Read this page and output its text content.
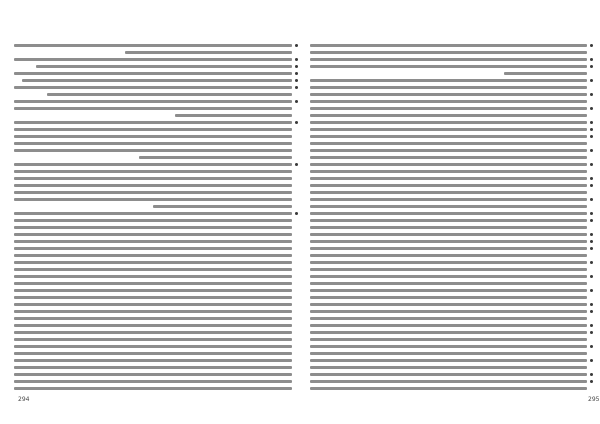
294	295
